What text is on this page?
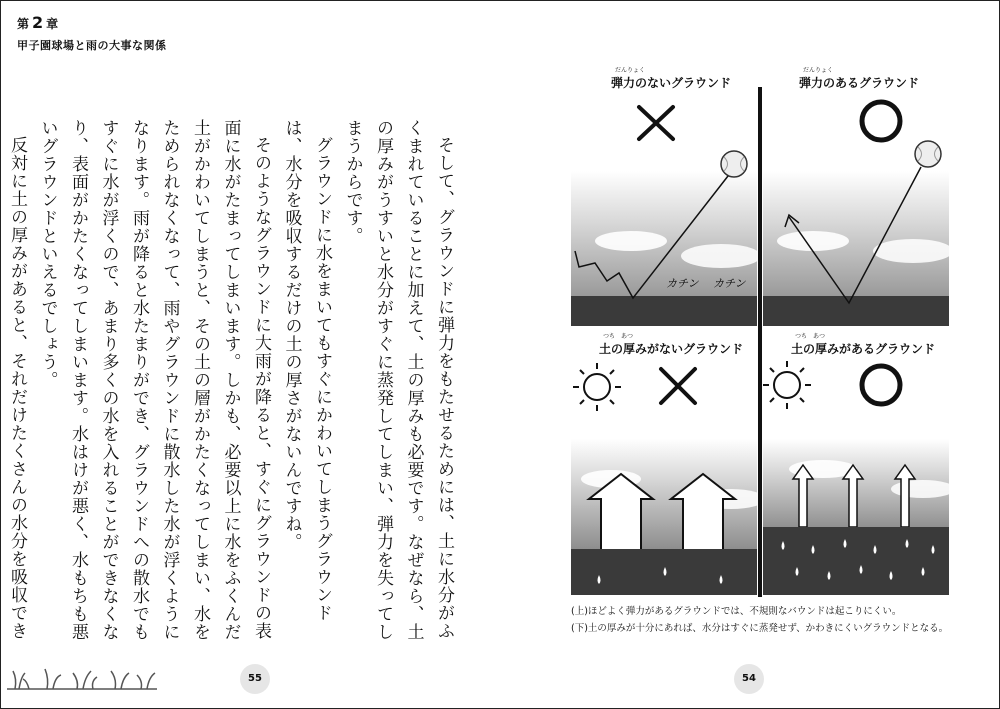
第 2 章
甲子園球場と雨の大事な関係

そして、グラウンドに弾力をもたせるためには、土に水分がふくまれていることに加えて、土の厚みも必要です。なぜなら、土の厚みがうすいと水分がすぐに蒸発してしまい、弾力を失ってしまうからです。

グラウンドに水をまいてもすぐにかわいてしまうグラウンドは、水分を吸収するだけの土の厚さがないんですね。

そのようなグラウンドに大雨が降ると、すぐにグラウンドの表面に水がたまってしまいます。しかも、必要以上に水をふくんだ土がかわいてしまうと、その土の層がかたくなってしまい、水をためられなくなって、雨やグラウンドに散水した水が浮くようになります。雨が降ると水たまりができ、グラウンドへの散水でもすぐに水が浮くので、あまり多くの水を入れることができなくなり、表面がかたくなってしまいます。水はけが悪く、水もちも悪いグラウンドといえるでしょう。

反対に土の厚みがあると、それだけたくさんの水分を吸収でき

55	54
だんりょく
弾力のないグラウンド
だんりょく
弾力のあるグラウンド
つち　あつ
土の厚みがないグラウンド
つち　あつ
土の厚みがあるグラウンド
カチン カチン
(上)ほどよく弾力があるグラウンドでは、不規則なバウンドは起こりにくい。
(下)土の厚みが十分にあれば、水分はすぐに蒸発せず、かわきにくいグラウンドとなる。
